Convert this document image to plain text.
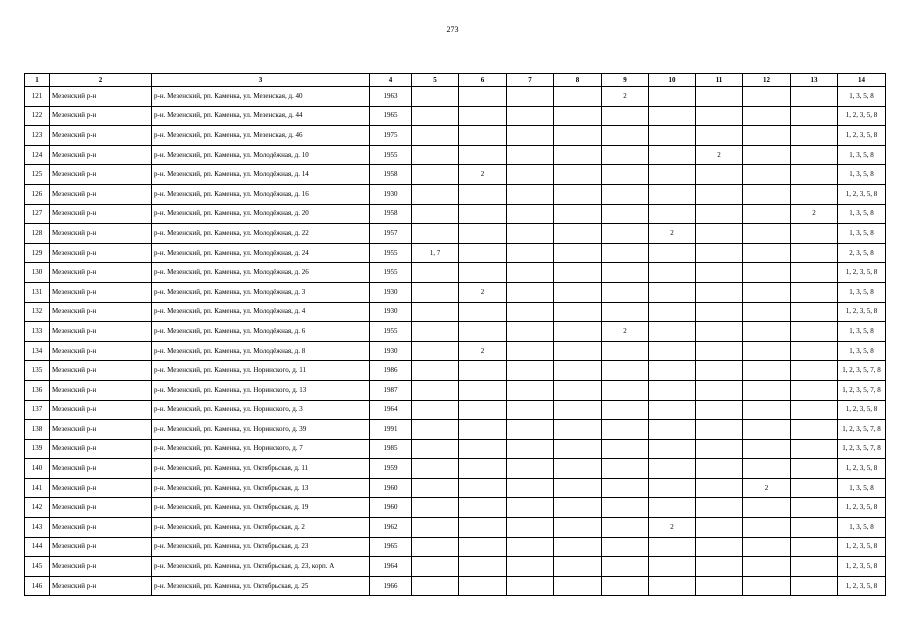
273
1	2	3	4	5	6	7	8	9	10	11	12	13	14
121	Мезенский р-н	р-н. Мезенский, рп. Каменка, ул. Мезенская, д. 40	1963					2					1, 3, 5, 8
122	Мезенский р-н	р-н. Мезенский, рп. Каменка, ул. Мезенская, д. 44	1965										1, 2, 3, 5, 8
123	Мезенский р-н	р-н. Мезенский, рп. Каменка, ул. Мезенская, д. 46	1975										1, 2, 3, 5, 8
124	Мезенский р-н	р-н. Мезенский, рп. Каменка, ул. Молодёжная, д. 10	1955							2			1, 3, 5, 8
125	Мезенский р-н	р-н. Мезенский, рп. Каменка, ул. Молодёжная, д. 14	1958		2								1, 3, 5, 8
126	Мезенский р-н	р-н. Мезенский, рп. Каменка, ул. Молодёжная, д. 16	1930										1, 2, 3, 5, 8
127	Мезенский р-н	р-н. Мезенский, рп. Каменка, ул. Молодёжная, д. 20	1958									2	1, 3, 5, 8
128	Мезенский р-н	р-н. Мезенский, рп. Каменка, ул. Молодёжная, д. 22	1957						2				1, 3, 5, 8
129	Мезенский р-н	р-н. Мезенский, рп. Каменка, ул. Молодёжная, д. 24	1955	1, 7									2, 3, 5, 8
130	Мезенский р-н	р-н. Мезенский, рп. Каменка, ул. Молодёжная, д. 26	1955										1, 2, 3, 5, 8
131	Мезенский р-н	р-н. Мезенский, рп. Каменка, ул. Молодёжная, д. 3	1930		2								1, 3, 5, 8
132	Мезенский р-н	р-н. Мезенский, рп. Каменка, ул. Молодёжная, д. 4	1930										1, 2, 3, 5, 8
133	Мезенский р-н	р-н. Мезенский, рп. Каменка, ул. Молодёжная, д. 6	1955					2					1, 3, 5, 8
134	Мезенский р-н	р-н. Мезенский, рп. Каменка, ул. Молодёжная, д. 8	1930		2								1, 3, 5, 8
135	Мезенский р-н	р-н. Мезенский, рп. Каменка, ул. Норинского, д. 11	1986										1, 2, 3, 5, 7, 8
136	Мезенский р-н	р-н. Мезенский, рп. Каменка, ул. Норинского, д. 13	1987										1, 2, 3, 5, 7, 8
137	Мезенский р-н	р-н. Мезенский, рп. Каменка, ул. Норинского, д. 3	1964										1, 2, 3, 5, 8
138	Мезенский р-н	р-н. Мезенский, рп. Каменка, ул. Норинского, д. 39	1991										1, 2, 3, 5, 7, 8
139	Мезенский р-н	р-н. Мезенский, рп. Каменка, ул. Норинского, д. 7	1985										1, 2, 3, 5, 7, 8
140	Мезенский р-н	р-н. Мезенский, рп. Каменка, ул. Октябрьская, д. 11	1959										1, 2, 3, 5, 8
141	Мезенский р-н	р-н. Мезенский, рп. Каменка, ул. Октябрьская, д. 13	1960								2		1, 3, 5, 8
142	Мезенский р-н	р-н. Мезенский, рп. Каменка, ул. Октябрьская, д. 19	1960										1, 2, 3, 5, 8
143	Мезенский р-н	р-н. Мезенский, рп. Каменка, ул. Октябрьская, д. 2	1962						2				1, 3, 5, 8
144	Мезенский р-н	р-н. Мезенский, рп. Каменка, ул. Октябрьская, д. 23	1965										1, 2, 3, 5, 8
145	Мезенский р-н	р-н. Мезенский, рп. Каменка, ул. Октябрьская, д. 23, корп. А	1964										1, 2, 3, 5, 8
146	Мезенский р-н	р-н. Мезенский, рп. Каменка, ул. Октябрьская, д. 25	1966										1, 2, 3, 5, 8
